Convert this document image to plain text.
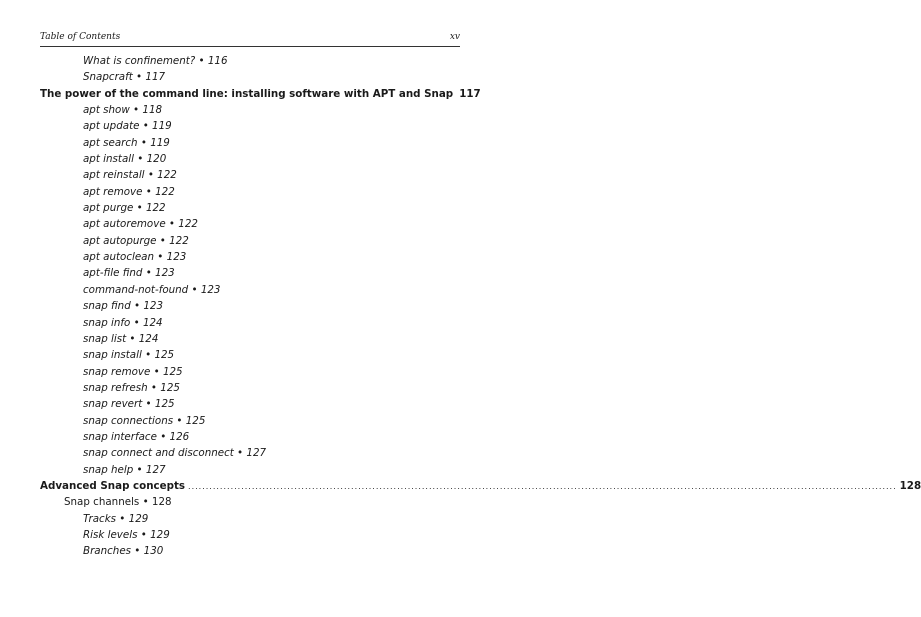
Table of Contents	xv
What is confinement? • 116
Snapcraft • 117
The power of the command line: installing software with APT and Snap 117
apt show • 118
apt update • 119
apt search • 119
apt install • 120
apt reinstall • 122
apt remove • 122
apt purge • 122
apt autoremove • 122
apt autopurge • 122
apt autoclean • 123
apt-file find • 123
command-not-found • 123
snap find • 123
snap info • 124
snap list • 124
snap install • 125
snap remove • 125
snap refresh • 125
snap revert • 125
snap connections • 125
snap interface • 126
snap connect and disconnect • 127
snap help • 127
Advanced Snap concepts ........................................................................................................................................................................................................ 128
Snap channels • 128
Tracks • 129
Risk levels • 129
Branches • 130
